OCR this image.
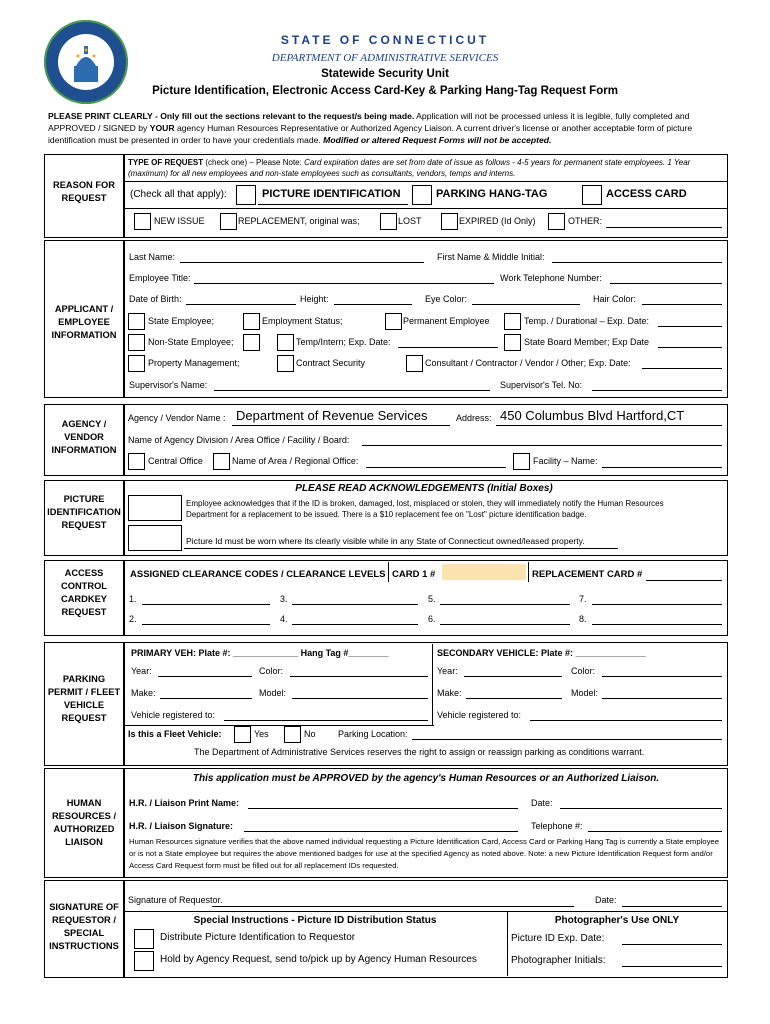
STATE OF CONNECTICUT
DEPARTMENT OF ADMINISTRATIVE SERVICES
Statewide Security Unit
Picture Identification, Electronic Access Card-Key & Parking Hang-Tag Request Form
PLEASE PRINT CLEARLY - Only fill out the sections relevant to the request/s being made. Application will not be processed unless it is legible, fully completed and APPROVED / SIGNED by YOUR agency Human Resources Representative or Authorized Agency Liaison. A current driver's license or another acceptable form of picture identification must be presented in order to have your credentials made. Modified or altered Request Forms will not be accepted.
REASON FOR REQUEST
TYPE OF REQUEST (check one) – Please Note: Card expiration dates are set from date of issue as follows - 4-5 years for permanent state employees. 1 Year (maximum) for all new employees and non-state employees such as consultants, vendors, temps and interns.
(Check all that apply):	PICTURE IDENTIFICATION	PARKING HANG-TAG	ACCESS CARD
NEW ISSUE	REPLACEMENT, original was;	LOST	EXPIRED (Id Only)	OTHER:
APPLICANT / EMPLOYEE INFORMATION
Last Name:	First Name & Middle Initial:
Employee Title:	Work Telephone Number:
Date of Birth:	Height:	Eye Color:	Hair Color:
State Employee;	Employment Status;	Permanent Employee	Temp. / Durational – Exp. Date:
Non-State Employee;	Temp/Intern; Exp. Date:	State Board Member; Exp Date
Property Management;	Contract Security	Consultant / Contractor / Vendor / Other; Exp. Date:
Supervisor's Name:	Supervisor's Tel. No:
AGENCY / VENDOR INFORMATION
Agency / Vendor Name : Department of Revenue Services	Address: 450 Columbus Blvd Hartford,CT
Name of Agency Division / Area Office / Facility / Board:
Central Office	Name of Area / Regional Office:	Facility – Name:
PICTURE IDENTIFICATION REQUEST
PLEASE READ ACKNOWLEDGEMENTS (Initial Boxes)
Employee acknowledges that if the ID is broken, damaged, lost, misplaced or stolen, they will immediately notify the Human Resources Department for a replacement to be issued. There is a $10 replacement fee on "Lost" picture identification badge.
Picture Id must be worn where its clearly visible while in any State of Connecticut owned/leased property.
ACCESS CONTROL CARDKEY REQUEST
ASSIGNED CLEARANCE CODES / CLEARANCE LEVELS CARD 1 #	REPLACEMENT CARD #
1.	3.	5.	7.
2.	4.	6.	8.
PARKING PERMIT / FLEET VEHICLE REQUEST
PRIMARY VEH: Plate #: _____________ Hang Tag #________	SECONDARY VEHICLE: Plate #: ______________
Year:	Color:	Year:	Color:
Make:	Model:	Make:	Model:
Vehicle registered to:	Vehicle registered to:
Is this a Fleet Vehicle:	Yes	No Parking Location:
The Department of Administrative Services reserves the right to assign or reassign parking as conditions warrant.
HUMAN RESOURCES / AUTHORIZED LIAISON
This application must be APPROVED by the agency's Human Resources or an Authorized Liaison.
H.R. / Liaison Print Name:	Date:
H.R. / Liaison Signature:	Telephone #:
Human Resources signature verifies that the above named individual requesting a Picture Identification Card, Access Card or Parking Hang Tag is currently a State employee or is not a State employee but requires the above mentioned badges for use at the specified Agency as noted above. Note: a new Picture Identification Request form and/or Access Card Request form must be filled out for all replacement IDs requested.
SIGNATURE OF REQUESTOR / SPECIAL INSTRUCTIONS
Signature of Requestor.	Date:
Special Instructions - Picture ID Distribution Status
Distribute Picture Identification to Requestor
Hold by Agency Request, send to/pick up by Agency Human Resources
Photographer's Use ONLY
Picture ID Exp. Date:
Photographer Initials:
